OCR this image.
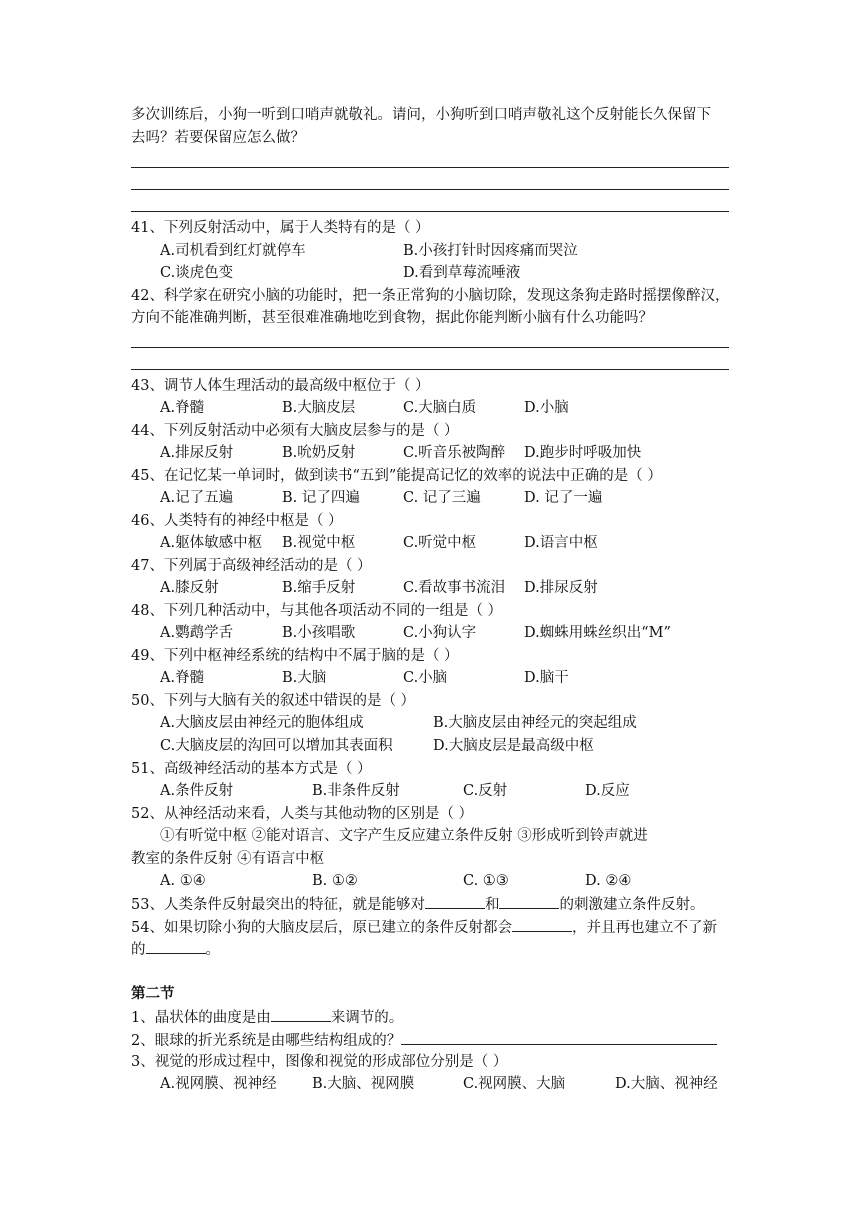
多次训练后，小狗一听到口哨声就敬礼。请问，小狗听到口哨声敬礼这个反射能长久保留下
去吗？若要保留应怎么做？
41、下列反射活动中，属于人类特有的是（ ）
A.司机看到红灯就停车	B.小孩打针时因疼痛而哭泣
C.谈虎色变	D.看到草莓流唾液
42、科学家在研究小脑的功能时，把一条正常狗的小脑切除，发现这条狗走路时摇摆像醉汉，
方向不能准确判断，甚至很难准确地吃到食物，据此你能判断小脑有什么功能吗？
43、调节人体生理活动的最高级中枢位于（ ）
A.脊髓	B.大脑皮层	C.大脑白质	D.小脑
44、下列反射活动中必须有大脑皮层参与的是（ ）
A.排尿反射	B.吮奶反射	C.听音乐被陶醉 D.跑步时呼吸加快
45、在记忆某一单词时，做到读书“五到”能提高记忆的效率的说法中正确的是（ ）
A.记了五遍	B. 记了四遍	C. 记了三遍	D. 记了一遍
46、人类特有的神经中枢是（ ）
A.躯体敏感中枢 B.视觉中枢	C.听觉中枢	D.语言中枢
47、下列属于高级神经活动的是（ ）
A.膝反射	B.缩手反射	C.看故事书流泪 D.排尿反射
48、下列几种活动中，与其他各项活动不同的一组是（ ）
A.鹦鹉学舌	B.小孩唱歌	C.小狗认字	D.蜘蛛用蛛丝织出“M”
49、下列中枢神经系统的结构中不属于脑的是（ ）
A.脊髓	B.大脑	C.小脑	D.脑干
50、下列与大脑有关的叙述中错误的是（ ）
A.大脑皮层由神经元的胞体组成	B.大脑皮层由神经元的突起组成
C.大脑皮层的沟回可以增加其表面积	D.大脑皮层是最高级中枢
51、高级神经活动的基本方式是（ ）
A.条件反射	B.非条件反射	C.反射	D.反应
52、从神经活动来看，人类与其他动物的区别是（ ）
①有听觉中枢 ②能对语言、文字产生反应建立条件反射 ③形成听到铃声就进
教室的条件反射 ④有语言中枢
A. ①④	B. ①②	C. ①③	D. ②④
53、人类条件反射最突出的特征，就是能够对	和	的刺激建立条件反射。
54、如果切除小狗的大脑皮层后，原已建立的条件反射都会	，并且再也建立不了新
的	。
第二节
1、晶状体的曲度是由	来调节的。
2、眼球的折光系统是由哪些结构组成的？
3、视觉的形成过程中，图像和视觉的形成部位分别是（ ）
A.视网膜、视神经 B.大脑、视网膜	C.视网膜、大脑	D.大脑、视神经
